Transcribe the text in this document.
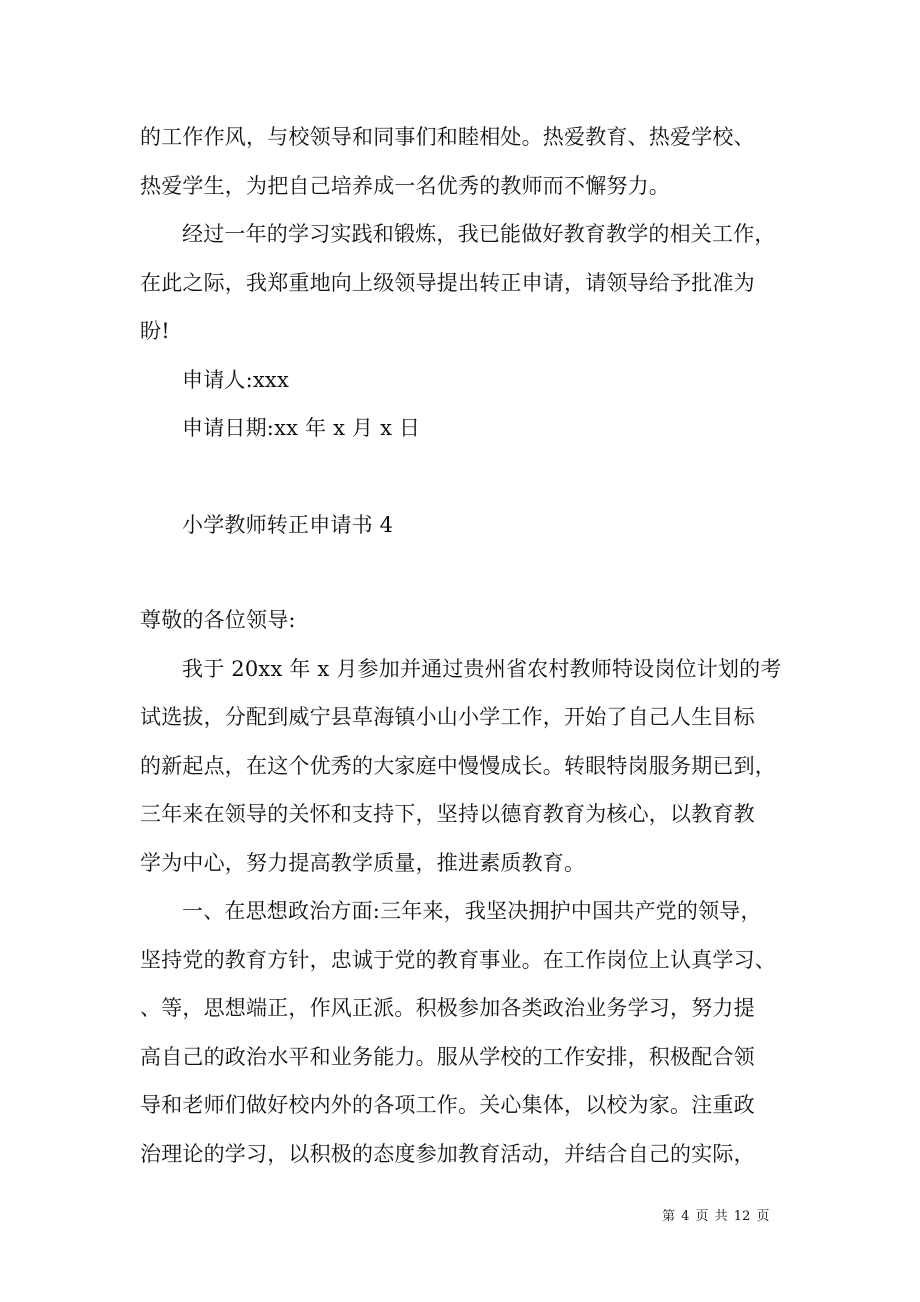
的工作作风，与校领导和同事们和睦相处。热爱教育、热爱学校、
热爱学生，为把自己培养成一名优秀的教师而不懈努力。
经过一年的学习实践和锻炼，我已能做好教育教学的相关工作，
在此之际，我郑重地向上级领导提出转正申请，请领导给予批准为
盼!
申请人:xxx
申请日期:xx 年 x 月 x 日
小学教师转正申请书 4
尊敬的各位领导:
我于 20xx 年 x 月参加并通过贵州省农村教师特设岗位计划的考
试选拔，分配到威宁县草海镇小山小学工作，开始了自己人生目标
的新起点，在这个优秀的大家庭中慢慢成长。转眼特岗服务期已到，
三年来在领导的关怀和支持下，坚持以德育教育为核心，以教育教
学为中心，努力提高教学质量，推进素质教育。
一、在思想政治方面:三年来，我坚决拥护中国共产党的领导，
坚持党的教育方针，忠诚于党的教育事业。在工作岗位上认真学习、
、等，思想端正，作风正派。积极参加各类政治业务学习，努力提
高自己的政治水平和业务能力。服从学校的工作安排，积极配合领
导和老师们做好校内外的各项工作。关心集体，以校为家。注重政
治理论的学习，以积极的态度参加教育活动，并结合自己的实际，
第 4 页 共 12 页
